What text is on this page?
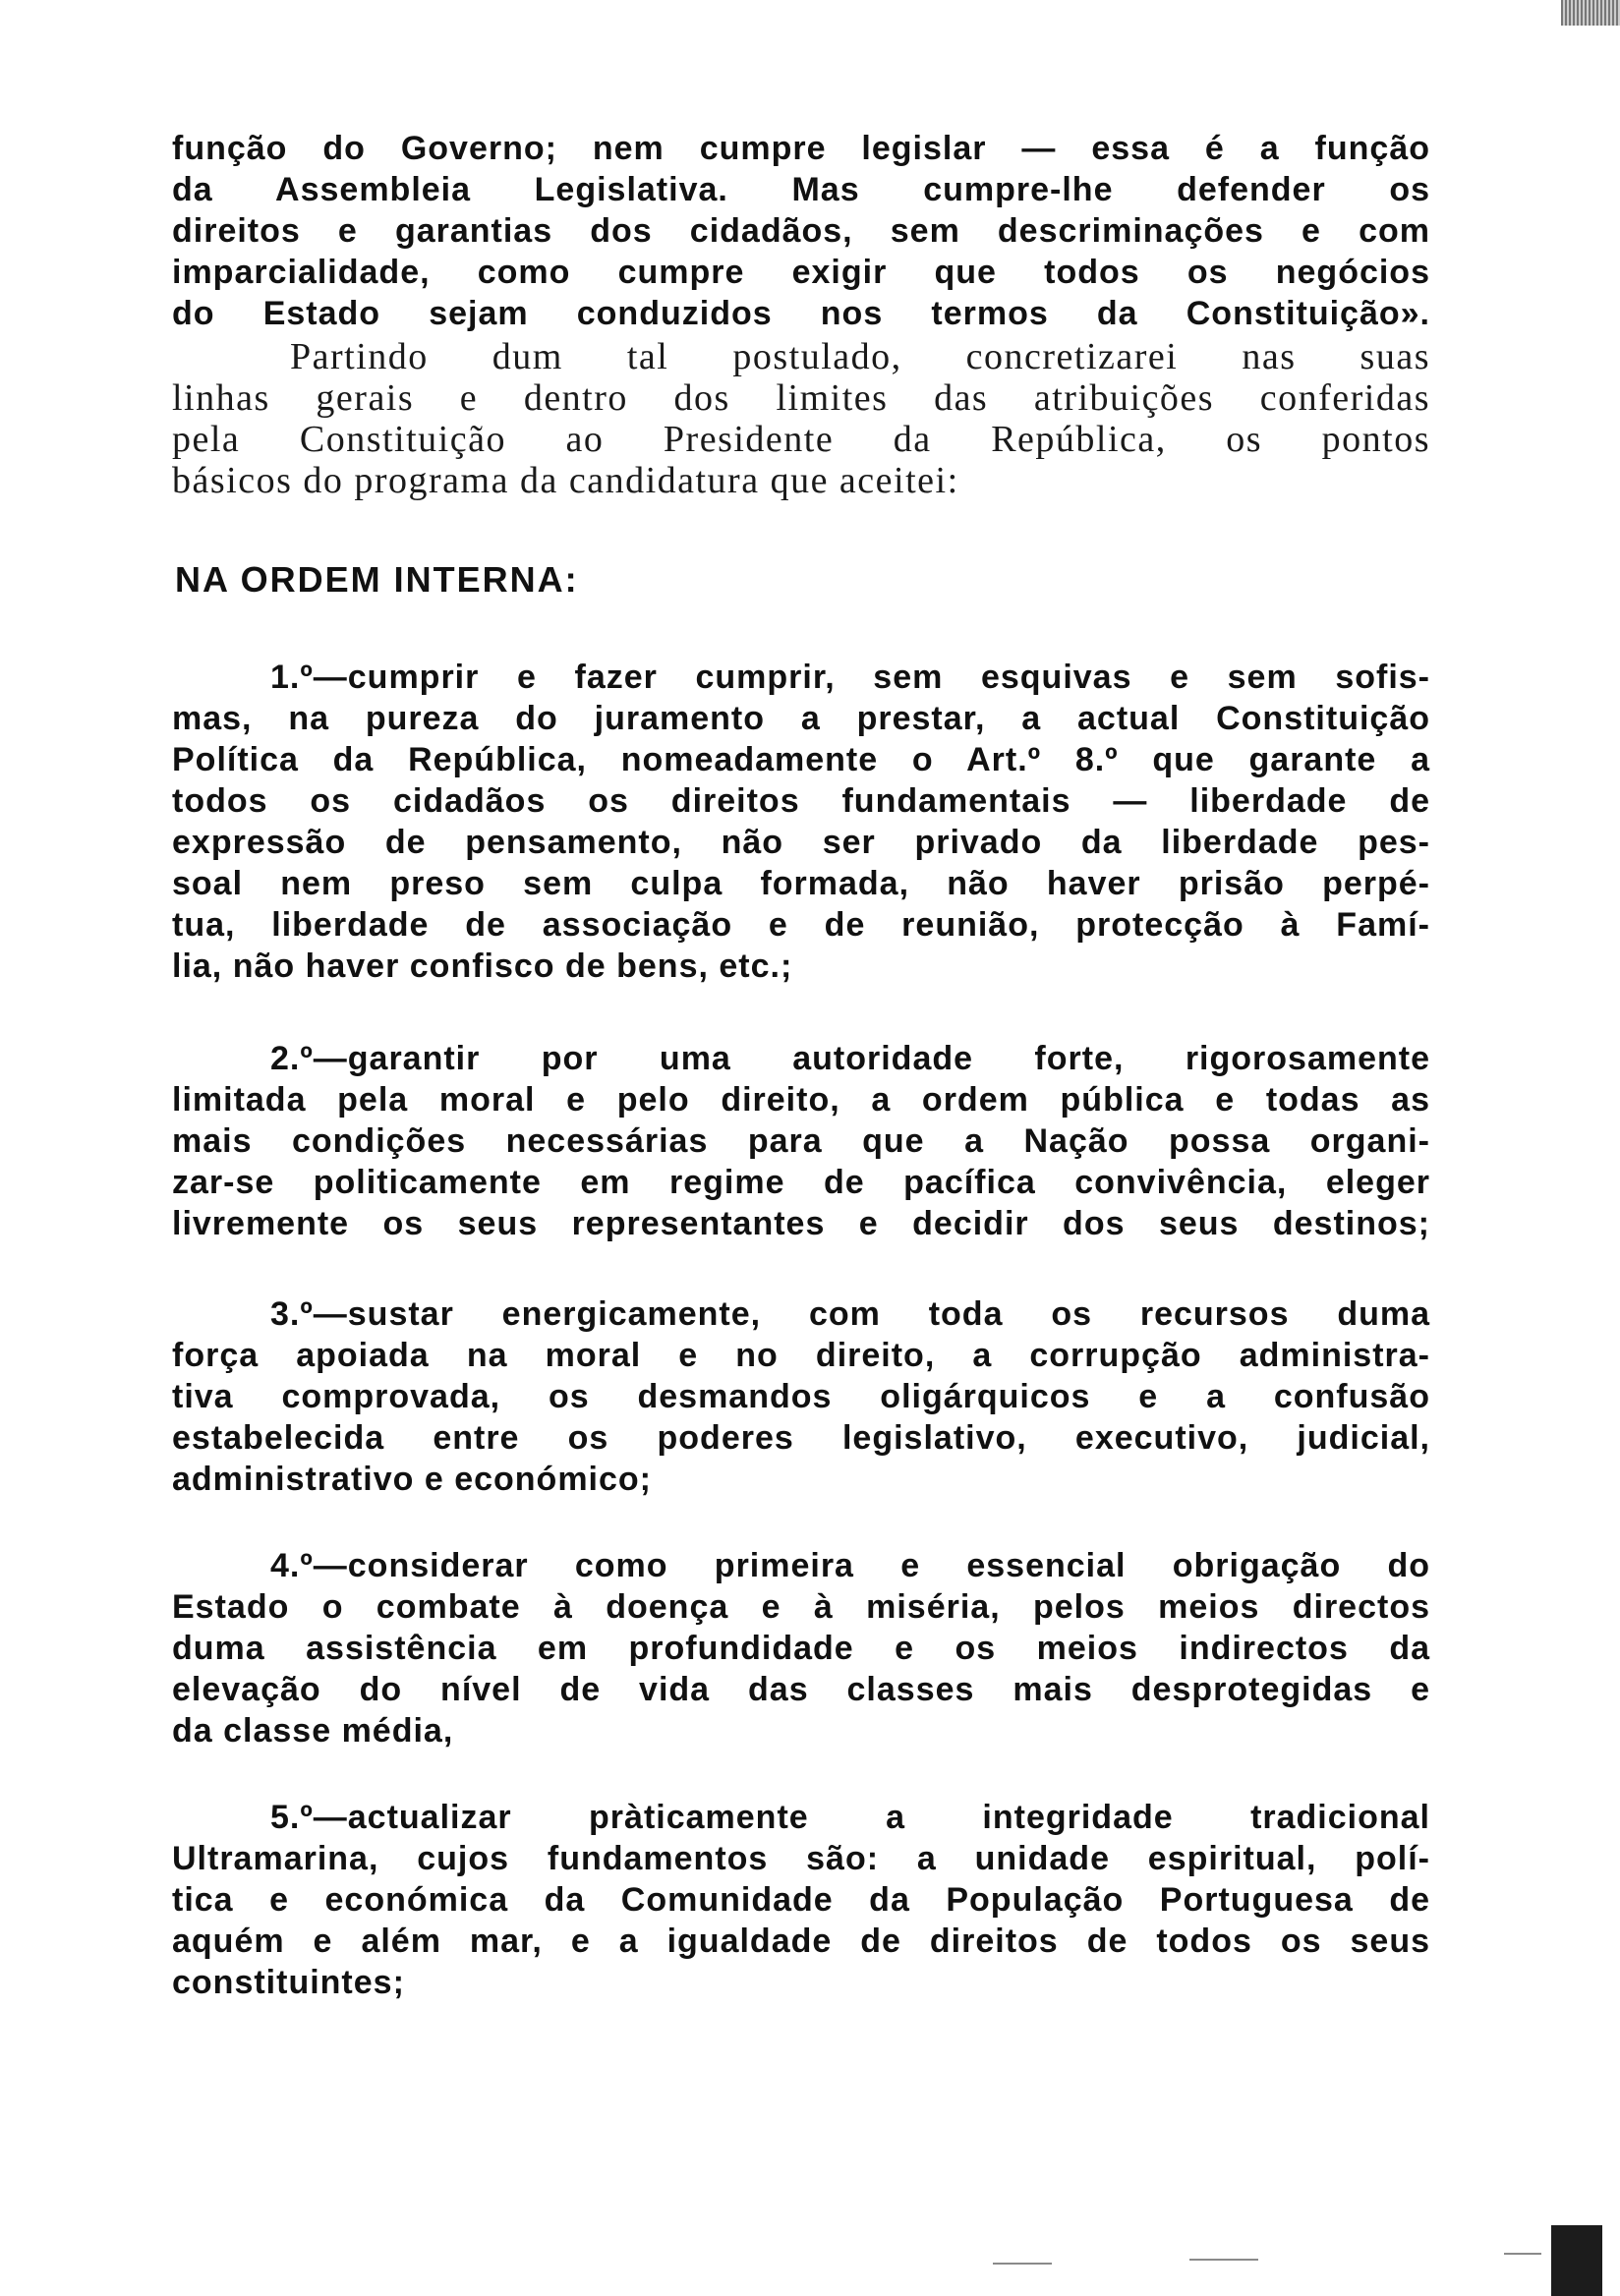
função do Governo; nem cumpre legislar — essa é a função
da Assembleia Legislativa. Mas cumpre-lhe defender os
direitos e garantias dos cidadãos, sem descriminações e com
imparcialidade, como cumpre exigir que todos os negócios
do Estado sejam conduzidos nos termos da Constituição».
Partindo dum tal postulado, concretizarei nas suas
linhas gerais e dentro dos limites das atribuições conferidas
pela Constituição ao Presidente da República, os pontos
básicos do programa da candidatura que aceitei:
NA ORDEM INTERNA:
1.º—cumprir e fazer cumprir, sem esquivas e sem sofis-
mas, na pureza do juramento a prestar, a actual Constituição
Política da República, nomeadamente o Art.º 8.º que garante a
todos os cidadãos os direitos fundamentais — liberdade de
expressão de pensamento, não ser privado da liberdade pes-
soal nem preso sem culpa formada, não haver prisão perpé-
tua, liberdade de associação e de reunião, protecção à Famí-
lia, não haver confisco de bens, etc.;
2.º—garantir por uma autoridade forte, rigorosamente
limitada pela moral e pelo direito, a ordem pública e todas as
mais condições necessárias para que a Nação possa organi-
zar-se politicamente em regime de pacífica convivência, eleger
livremente os seus representantes e decidir dos seus destinos;
3.º—sustar energicamente, com toda os recursos duma
força apoiada na moral e no direito, a corrupção administra-
tiva comprovada, os desmandos oligárquicos e a confusão
estabelecida entre os poderes legislativo, executivo, judicial,
administrativo e económico;
4.º—considerar como primeira e essencial obrigação do
Estado o combate à doença e à miséria, pelos meios directos
duma assistência em profundidade e os meios indirectos da
elevação do nível de vida das classes mais desprotegidas e
da classe média,
5.º—actualizar pràticamente a integridade tradicional
Ultramarina, cujos fundamentos são: a unidade espiritual, polí-
tica e económica da Comunidade da População Portuguesa de
aquém e além mar, e a igualdade de direitos de todos os seus
constituintes;
